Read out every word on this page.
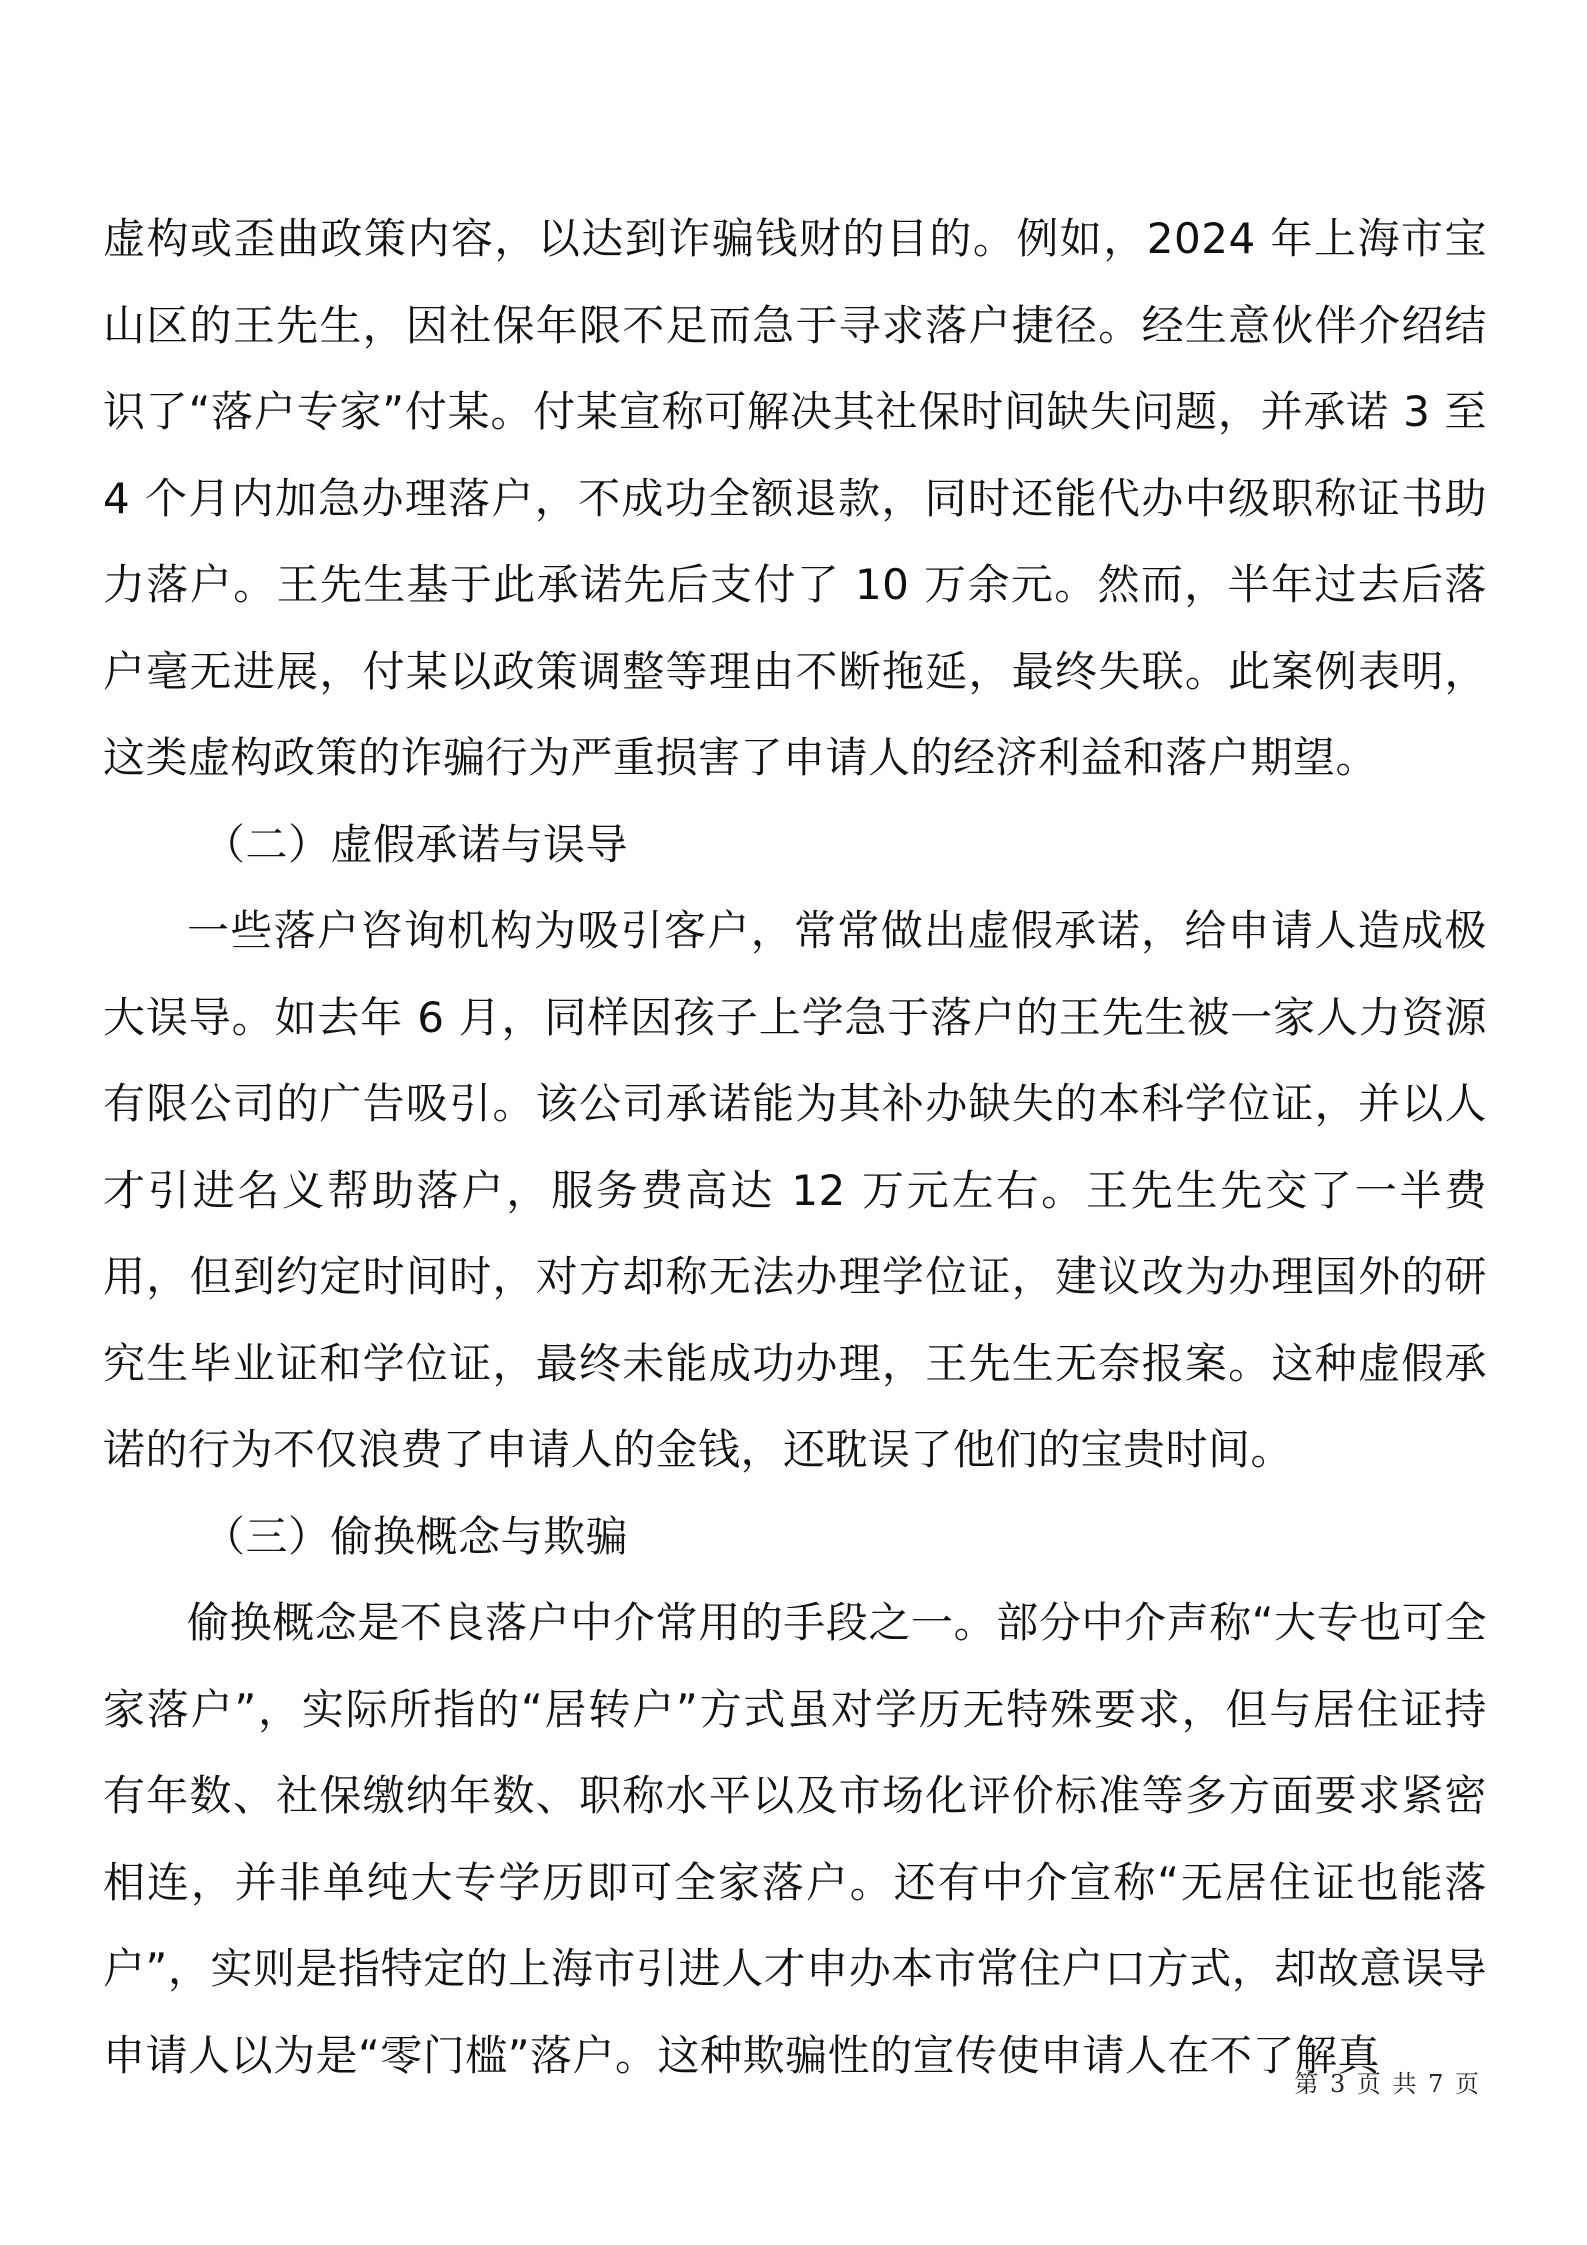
虚构或歪曲政策内容，以达到诈骗钱财的目的。例如，2024 年上海市宝山区的王先生，因社保年限不足而急于寻求落户捷径。经生意伙伴介绍结识了“落户专家”付某。付某宣称可解决其社保时间缺失问题，并承诺 3 至 4 个月内加急办理落户，不成功全额退款，同时还能代办中级职称证书助力落户。王先生基于此承诺先后支付了 10 万余元。然而，半年过去后落户毫无进展，付某以政策调整等理由不断拖延，最终失联。此案例表明，这类虚构政策的诈骗行为严重损害了申请人的经济利益和落户期望。

（二）虚假承诺与误导

一些落户咨询机构为吸引客户，常常做出虚假承诺，给申请人造成极大误导。如去年 6 月，同样因孩子上学急于落户的王先生被一家人力资源有限公司的广告吸引。该公司承诺能为其补办缺失的本科学位证，并以人才引进名义帮助落户，服务费高达 12 万元左右。王先生先交了一半费用，但到约定时间时，对方却称无法办理学位证，建议改为办理国外的研究生毕业证和学位证，最终未能成功办理，王先生无奈报案。这种虚假承诺的行为不仅浪费了申请人的金钱，还耽误了他们的宝贵时间。

（三）偷换概念与欺骗

偷换概念是不良落户中介常用的手段之一。部分中介声称“大专也可全家落户”，实际所指的“居转户”方式虽对学历无特殊要求，但与居住证持有年数、社保缴纳年数、职称水平以及市场化评价标准等多方面要求紧密相连，并非单纯大专学历即可全家落户。还有中介宣称“无居住证也能落户”，实则是指特定的上海市引进人才申办本市常住户口方式，却故意误导申请人以为是“零门槛”落户。这种欺骗性的宣传使申请人在不了解真

第 3 页 共 7 页
